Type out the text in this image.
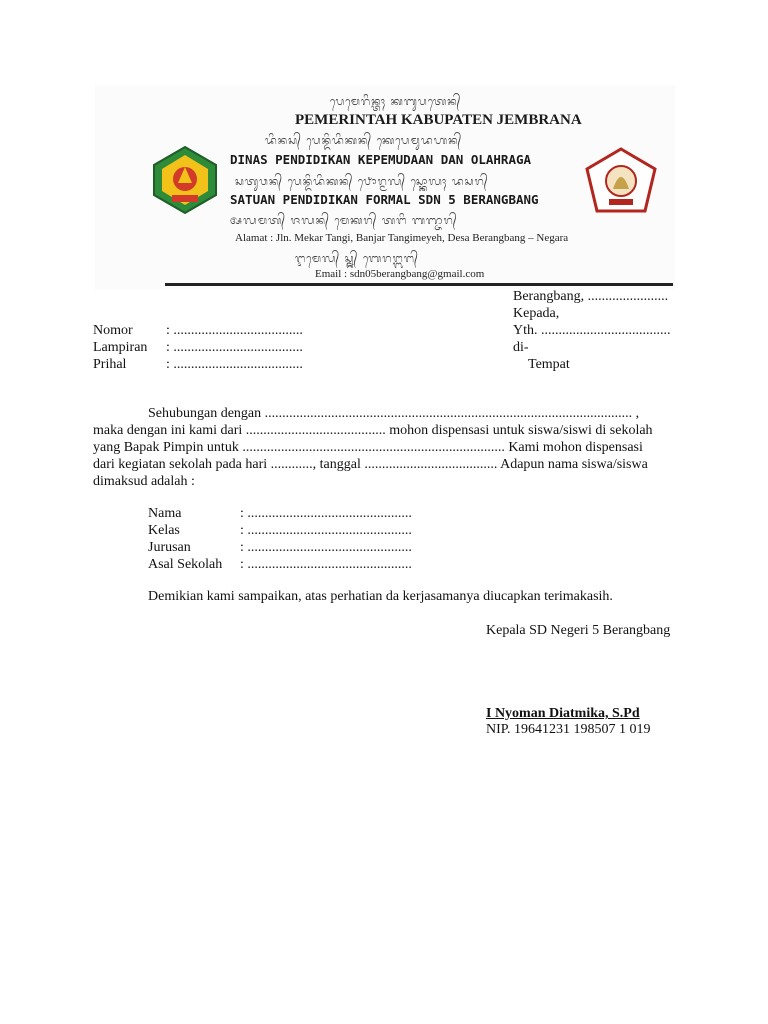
ᬧᬾᬫᬾᬭᬶᬦ᭄ᬢᬄ ᬓᬩᬸᬧᬢᬾᬦ᭄
PEMERINTAH KABUPATEN JEMBRANA
ᬤᬶᬦᬲ᭄ ᬧᬾᬦ᭄ᬤᬶᬤᬶᬓᬦ᭄ ᬓᬾᬧᬾᬫᬸᬤᬳᬦ᭄
DINAS PENDIDIKAN KEPEMUDAAN DAN OLAHRAGA
ᬲᬢᬸᬯᬦ᭄ ᬧᬾᬦ᭄ᬤᬶᬤᬶᬓᬦ᭄ ᬨᭀᬭ᭄ᬫᬮ᭄ ᬲ᭄ᬓᭀᬮᬄ ᬤᬲᬭ᭄
SATUAN PENDIDIKAN FORMAL SDN 5 BERANGBANG
ᬅᬮᬫᬢ᭄ ᬚᬮᬦ᭄ ᬫᬾᬓᬭ᭄ ᬢᬗᬶ ᬩᬜ᭄ᬚᬭ᭄
Alamat : Jln. Mekar Tangi, Banjar Tangimeyeh, Desa Berangbang – Negara
ᬇᬫᬾᬮ᭄ ᬲ᭄ᬤ᭄ᬦ᭄ ᬩᬾᬭᬗ᭄ᬩᬗ᭄
Email : sdn05berangbang@gmail.com
Berangbang, .......................
Kepada,
Yth. .....................................
di-
Tempat
Nomor : .....................................
Lampiran : .....................................
Prihal	: .....................................
Sehubungan dengan ......................................................................................................... ,
maka dengan ini kami dari ........................................ mohon dispensasi untuk siswa/siswi di sekolah
yang Bapak Pimpin untuk ........................................................................... Kami mohon dispensasi
dari kegiatan sekolah pada hari ............, tanggal ...................................... Adapun nama siswa/siswa
dimaksud adalah :
Nama	: ...............................................
Kelas	: ...............................................
Jurusan	: ...............................................
Asal Sekolah : ...............................................
Demikian kami sampaikan, atas perhatian da kerjasamanya diucapkan terimakasih.
Kepala SD Negeri 5 Berangbang
I Nyoman Diatmika, S.Pd
NIP. 19641231 198507 1 019
